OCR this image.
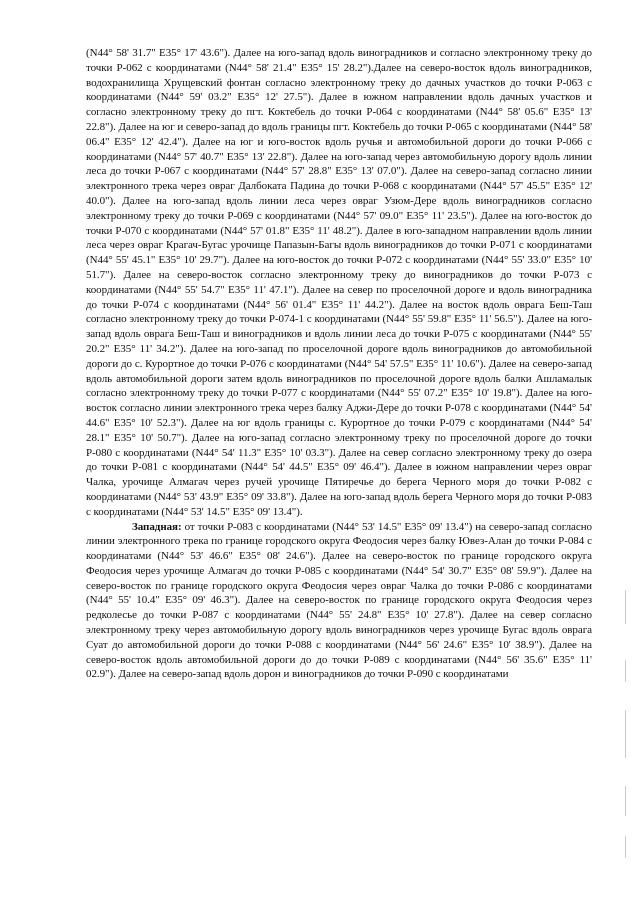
(N44° 58' 31.7" E35° 17' 43.6"). Далее на юго-запад вдоль виноградников и согласно электронному треку до точки Р-062 с координатами (N44° 58' 21.4" E35° 15' 28.2").Далее на северо-восток вдоль виноградников, водохранилища Хрущевский фонтан согласно электронному треку до дачных участков до точки Р-063 с координатами (N44° 59' 03.2" E35° 12' 27.5"). Далее в южном направлении вдоль дачных участков и согласно электронному треку до пгт. Коктебель до точки Р-064 с координатами (N44° 58' 05.6" E35° 13' 22.8"). Далее на юг и северо-запад до вдоль границы пгт. Коктебель до точки Р-065 с координатами (N44° 58' 06.4" E35° 12' 42.4"). Далее на юг и юго-восток вдоль ручья и автомобильной дороги до точки Р-066 с координатами (N44° 57' 40.7" E35° 13' 22.8"). Далее на юго-запад через автомобильную дорогу вдоль линии леса до точки Р-067 с координатами (N44° 57' 28.8" E35° 13' 07.0"). Далее на северо-запад согласно линии электронного трека через овраг Далбоката Падина до точки Р-068 с координатами (N44° 57' 45.5" E35° 12' 40.0"). Далее на юго-запад вдоль линии леса через овраг Узюм-Дере вдоль виноградников согласно электронному треку до точки Р-069 с координатами (N44° 57' 09.0" E35° 11' 23.5"). Далее на юго-восток до точки Р-070 с координатами (N44° 57' 01.8" E35° 11' 48.2"). Далее в юго-западном направлении вдоль линии леса через овраг Крагач-Бугас урочище Папазын-Багы вдоль виноградников до точки Р-071 с координатами (N44° 55' 45.1" E35° 10' 29.7"). Далее на юго-восток до точки Р-072 с координатами (N44° 55' 33.0" E35° 10' 51.7"). Далее на северо-восток согласно электронному треку до виноградников до точки Р-073 с координатами (N44° 55' 54.7" E35° 11' 47.1"). Далее на север по проселочной дороге и вдоль виноградника до точки Р-074 с координатами (N44° 56' 01.4" E35° 11' 44.2"). Далее на восток вдоль оврага Беш-Таш согласно электронному треку до точки Р-074-1 с координатами (N44° 55' 59.8" E35° 11' 56.5"). Далее на юго-запад вдоль оврага Беш-Таш и виноградников и вдоль линии леса до точки Р-075 с координатами (N44° 55' 20.2" E35° 11' 34.2"). Далее на юго-запад по проселочной дороге вдоль виноградников до автомобильной дороги до с. Курортное до точки Р-076 с координатами (N44° 54' 57.5" E35° 11' 10.6"). Далее на северо-запад вдоль автомобильной дороги затем вдоль виноградников по проселочной дороге вдоль балки Ашламалык согласно электронному треку до точки Р-077 с координатами (N44° 55' 07.2" E35° 10' 19.8"). Далее на юго-восток согласно линии электронного трека через балку Аджи-Дере до точки Р-078 с координатами (N44° 54' 44.6" E35° 10' 52.3"). Далее на юг вдоль границы с. Курортное до точки Р-079 с координатами (N44° 54' 28.1" E35° 10' 50.7"). Далее на юго-запад согласно электронному треку по проселочной дороге до точки Р-080 с координатами (N44° 54' 11.3" E35° 10' 03.3"). Далее на север согласно электронному треку до озера до точки Р-081 с координатами (N44° 54' 44.5" E35° 09' 46.4"). Далее в южном направлении через овраг Чалка, урочище Алмагач через ручей урочище Пятиречье до берега Черного моря до точки Р-082 с координатами (N44° 53' 43.9" E35° 09' 33.8"). Далее на юго-запад вдоль берега Черного моря до точки Р-083 с координатами (N44° 53' 14.5" E35° 09' 13.4").

Западная: от точки Р-083 с координатами (N44° 53' 14.5" E35° 09' 13.4") на северо-запад согласно линии электронного трека по границе городского округа Феодосия через балку Ювез-Алан до точки Р-084 с координатами (N44° 53' 46.6" E35° 08' 24.6"). Далее на северо-восток по границе городского округа Феодосия через урочище Алмагач до точки Р-085 с координатами (N44° 54' 30.7" E35° 08' 59.9"). Далее на северо-восток по границе городского округа Феодосия через овраг Чалка до точки Р-086 с координатами (N44° 55' 10.4" E35° 09' 46.3"). Далее на северо-восток по границе городского округа Феодосия через редколесье до точки Р-087 с координатами (N44° 55' 24.8" E35° 10' 27.8"). Далее на север согласно электронному треку через автомобильную дорогу вдоль виноградников через урочище Бугас вдоль оврага Суат до автомобильной дороги до точки Р-088 с координатами (N44° 56' 24.6" E35° 10' 38.9"). Далее на северо-восток вдоль автомобильной дороги до до точки Р-089 с координатами (N44° 56' 35.6" E35° 11' 02.9"). Далее на северо-запад вдоль дорон и виноградников до точки Р-090 с координатами
